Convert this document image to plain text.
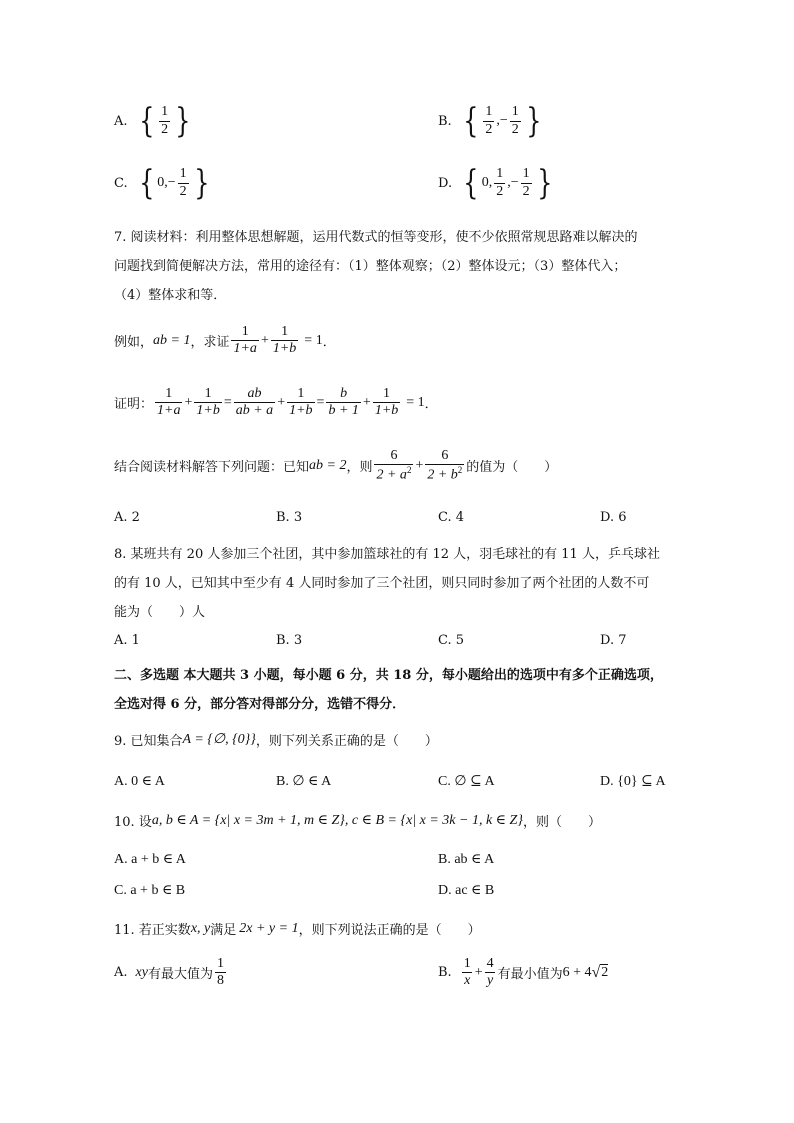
A. { $\frac{1}{2}$ }	B. { $\frac{1}{2}$ , − $\frac{1}{2}$ }
C. { 0 , − $\frac{1}{2}$ }	D. { 0 , $\frac{1}{2}$ , − $\frac{1}{2}$ }
7. 阅读材料：利用整体思想解题，运用代数式的恒等变形，使不少依照常规思路难以解决的
问题找到简便解决方法，常用的途径有：（1）整体观察；（2）整体设元；（3）整体代入；
（4）整体求和等．
例如， ab = 1 ，求证 $\frac{1}{1+a} + \frac{1}{1+b} = 1$ ．
证明： $\frac{1}{1+a} + \frac{1}{1+b} = \frac{ab}{ab + a} + \frac{1}{1+b} = \frac{b}{b + 1} + \frac{1}{1+b} = 1$ ．
结合阅读材料解答下列问题：已知 ab = 2 ，则 $\frac{6}{2 + a^2} + \frac{6}{2 + b^2}$ 的值为（　　）
A. 2	B. 3	C. 4	D. 6
8. 某班共有 20 人参加三个社团，其中参加篮球社的有 12 人，羽毛球社的有 11 人，乒乓球社
的有 10 人，已知其中至少有 4 人同时参加了三个社团，则只同时参加了两个社团的人数不可
能为（　　）人
A. 1	B. 3	C. 5	D. 7
二、多选题 本大题共 3 小题，每小题 6 分，共 18 分，每小题给出的选项中有多个正确选项，
全选对得 6 分，部分答对得部分分，选错不得分．
9. 已知集合 A = {∅, {0}} ，则下列关系正确的是（　　）
A. 0 ∈ A	B. ∅ ∈ A	C. ∅ ⊆ A	D. {0} ⊆ A
10. 设 a, b ∈ A = {x| x = 3m + 1, m ∈ Z}, c ∈ B = {x| x = 3k − 1, k ∈ Z} ，则（　　）
A. a + b ∈ A	B. ab ∈ A
C. a + b ∈ B	D. ac ∈ B
11. 若正实数 x, y 满足 2x + y = 1 ，则下列说法正确的是（　　）
A. xy 有最大值为 $\frac{1}{8}$	B. $\frac{1}{x} + \frac{4}{y}$ 有最小值为 6 + 4 √ 2
